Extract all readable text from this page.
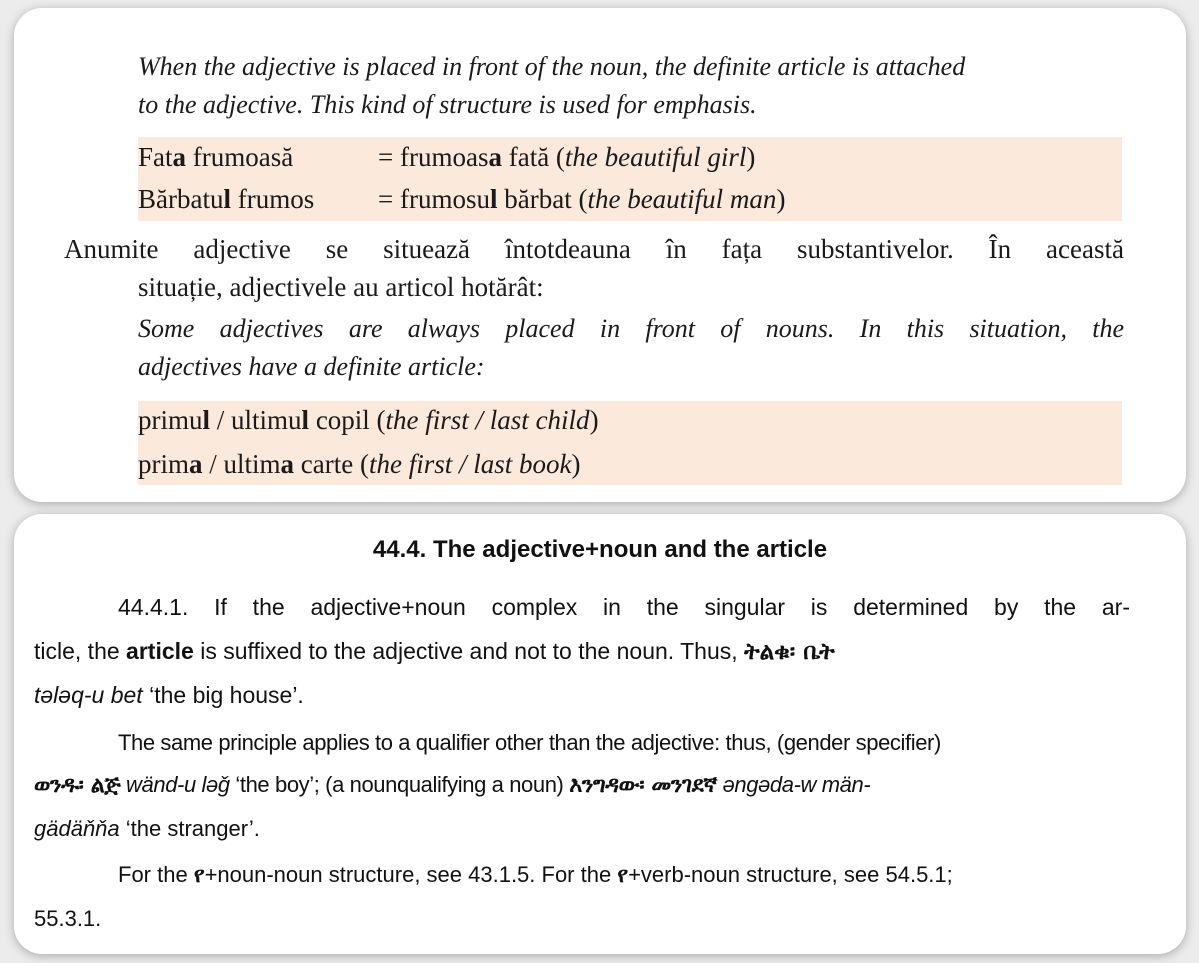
When the adjective is placed in front of the noun, the definite article is attached
to the adjective. This kind of structure is used for emphasis.
Fata frumoasă	= frumoasa fată (the beautiful girl)
Bărbatul frumos = frumosul bărbat (the beautiful man)
Anumite adjective se situează întotdeauna în fața substantivelor. În această
situație, adjectivele au articol hotărât:
Some adjectives are always placed in front of nouns. In this situation, the
adjectives have a definite article:
primul / ultimul copil (the first / last child)
prima / ultima carte (the first / last book)
44.4. The adjective+noun and the article
44.4.1. If the adjective+noun complex in the singular is determined by the ar-
ticle, the article is suffixed to the adjective and not to the noun. Thus, ትልቁ፡ ቤት
tələq-u bet ‘the big house’.
The same principle applies to a qualifier other than the adjective: thus, (gender specifier)
ወንዱ፡ ልጅ wänd-u ləǧ ‘the boy’; (a nounqualifying a noun) እንግዳው፡ መንገደኛ əngəda-w män-
gädäňňa ‘the stranger’.
For the የ+noun-noun structure, see 43.1.5. For the የ+verb-noun structure, see 54.5.1;
55.3.1.
